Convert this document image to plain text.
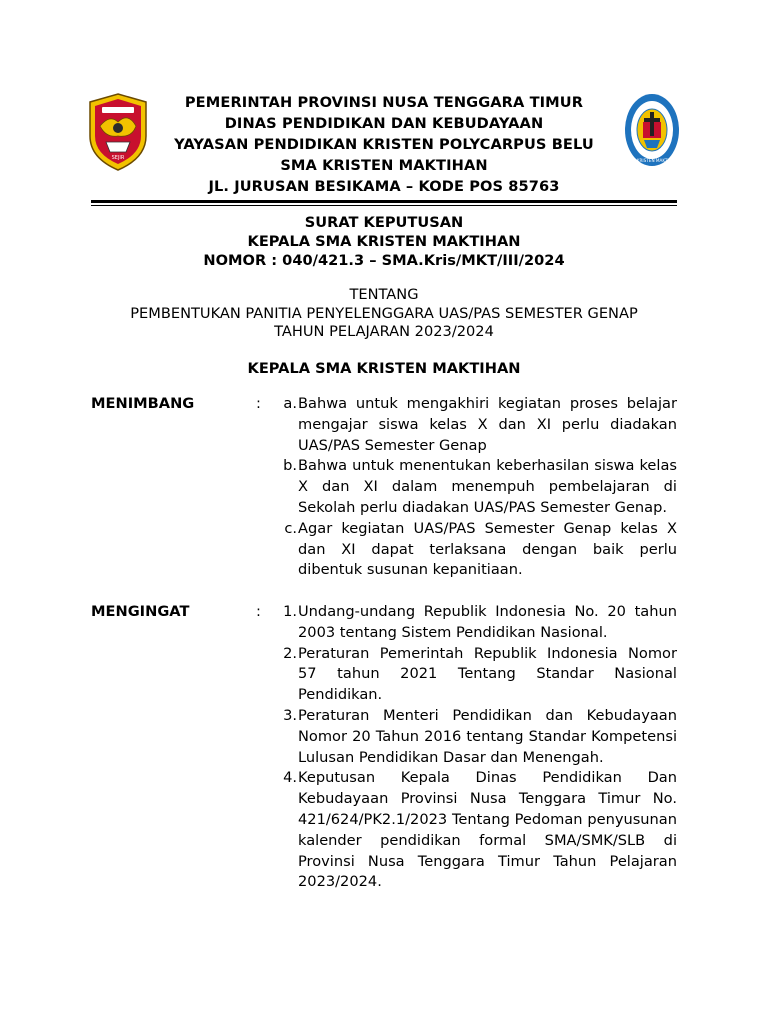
SEJIR
PEMERINTAH PROVINSI NUSA TENGGARA TIMUR
DINAS PENDIDIKAN DAN KEBUDAYAAN
YAYASAN PENDIDIKAN KRISTEN POLYCARPUS BELU
SMA KRISTEN MAKTIHAN
JL. JURUSAN BESIKAMA – KODE POS 85763
SMA KRISTEN MAKTIHAN
SURAT KEPUTUSAN
KEPALA SMA KRISTEN MAKTIHAN
NOMOR : 040/421.3 – SMA.Kris/MKT/III/2024
TENTANG
PEMBENTUKAN PANITIA PENYELENGGARA UAS/PAS SEMESTER GENAP
TAHUN PELAJARAN 2023/2024
KEPALA SMA KRISTEN MAKTIHAN
MENIMBANG	: a. Bahwa untuk mengakhiri kegiatan proses belajar mengajar siswa kelas X dan XI perlu diadakan UAS/PAS Semester Genap
b. Bahwa untuk menentukan keberhasilan siswa kelas X dan XI dalam menempuh pembelajaran di Sekolah perlu diadakan UAS/PAS Semester Genap.
c. Agar kegiatan UAS/PAS Semester Genap kelas X dan XI dapat terlaksana dengan baik perlu dibentuk susunan kepanitiaan.
MENGINGAT	: 1. Undang-undang Republik Indonesia No. 20 tahun 2003 tentang Sistem Pendidikan Nasional.
2. Peraturan Pemerintah Republik Indonesia Nomor 57 tahun 2021 Tentang Standar Nasional Pendidikan.
3. Peraturan Menteri Pendidikan dan Kebudayaan Nomor 20 Tahun 2016 tentang Standar Kompetensi Lulusan Pendidikan Dasar dan Menengah.
4. Keputusan Kepala Dinas Pendidikan Dan Kebudayaan Provinsi Nusa Tenggara Timur No. 421/624/PK2.1/2023 Tentang Pedoman penyusunan kalender pendidikan formal SMA/SMK/SLB di Provinsi Nusa Tenggara Timur Tahun Pelajaran 2023/2024.
